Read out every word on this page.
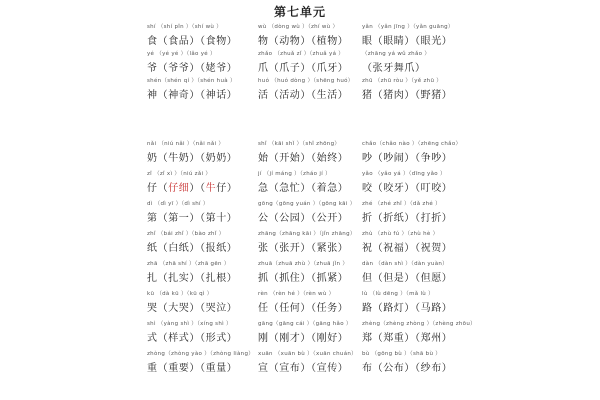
第七单元
shí （shí pǐn ）（shí wù ）
食（食品）（食物）
wù （dòng wù ）（zhí wù ）
物（动物）（植物）
yǎn （yǎn jīng ）（yǎn guāng）
眼（眼睛）（眼光）
yé （yé yé ）（lǎo yé ）
爷（爷爷）（姥爷）
zhǎo （zhuǎ zǐ ）（zhuǎ yá ）
爪（爪子）（爪牙）
（zhāng yá wǔ zhǎo ）
（张牙舞爪）
shén（shén qí ）（shén huà ）
神（神奇）（神话）
huó （huó dòng ）（shēng huó）
活（活动）（生活）
zhū （zhū ròu ）（yě zhū ）
猪（猪肉）（野猪）
nǎi （niú nǎi ）（nǎi nǎi ）
奶（牛奶）（奶奶）
shǐ （kāi shǐ ）（shǐ zhōng）
始（开始）（始终）
chǎo（chǎo nào ）（zhēng chǎo）
吵（吵闹）（争吵）
zǐ （zǐ xì ）（niú zǎi ）
仔（仔细）（牛仔）
jí （jí máng ）（zháo jí ）
急（急忙）（着急）
yǎo （yǎo yá ）（dīng yǎo ）
咬（咬牙）（叮咬）
dì （dì yī ）（dì shí ）
第（第一）（第十）
gōng（gōng yuán ）（gōng kāi ）
公（公园）（公开）
zhé （zhé zhǐ ）（dǎ zhé ）
折（折纸）（打折）
zhǐ （bái zhǐ ）（bào zhǐ ）
纸（白纸）（报纸）
zhāng（zhāng kāi ）（jǐn zhāng）
张（张开）（紧张）
zhù （zhù fú ）（zhù hè ）
祝（祝福）（祝贺）
zhā （zhā shí ）（zhā gēn ）
扎（扎实）（扎根）
zhuā（zhuā zhù ）（zhuā jǐn ）
抓（抓住）（抓紧）
dàn （dàn shì ）（dàn yuàn）
但（但是）（但愿）
kū （dà kū ）（kū qì ）
哭（大哭）（哭泣）
rèn （rèn hé ）（rèn wù ）
任（任何）（任务）
lù （lù dēng ）（mǎ lù ）
路（路灯）（马路）
shì （yàng shì ）（xíng shì ）
式（样式）（形式）
gāng（gāng cái ）（gāng hǎo ）
刚（刚才）（刚好）
zhèng（zhèng zhòng ）（zhèng zhōu）
郑（郑重）（郑州）
zhòng（zhòng yào ）（zhòng liàng）
重（重要）（重量）
xuān （xuān bù ）（xuān chuán）
宣（宣布）（宣传）
bù （gōng bù ）（shā bù ）
布（公布）（纱布）
